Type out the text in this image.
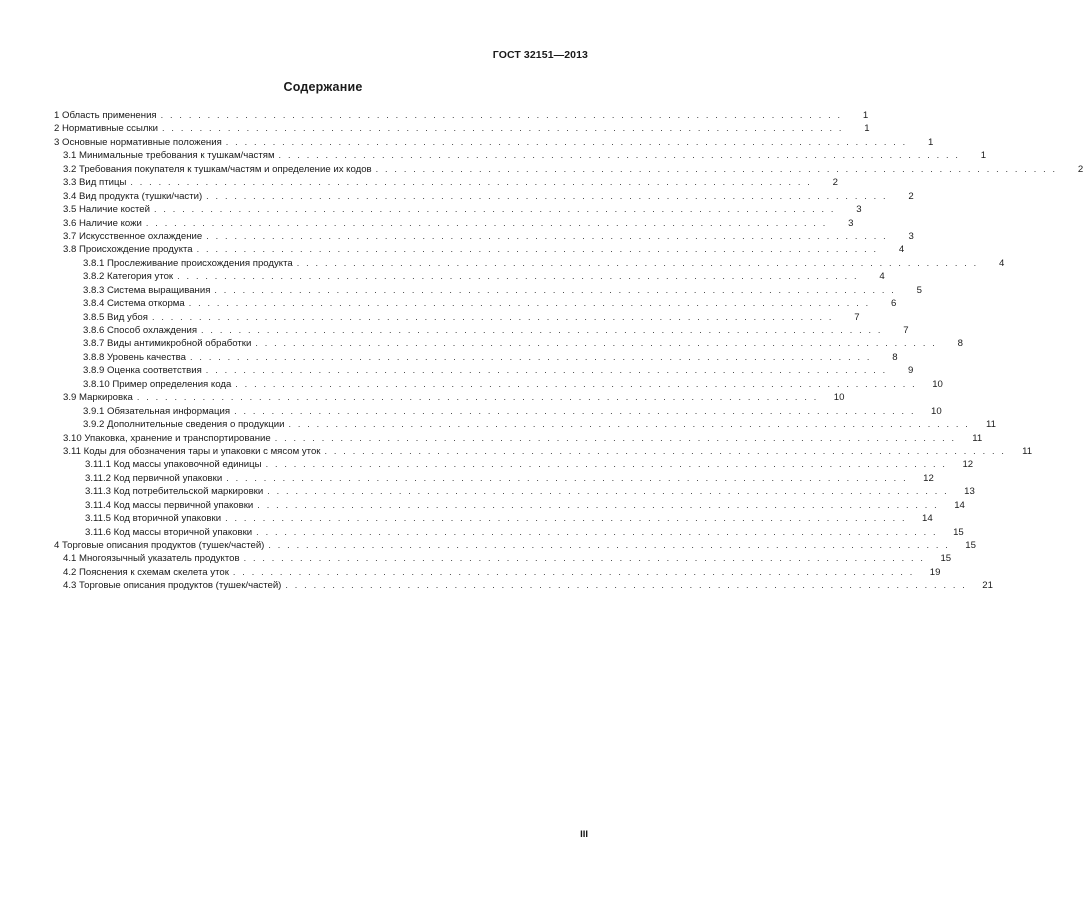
ГОСТ 32151—2013
Содержание
1 Область применения . . . . . . . . . . . . . . . . . . . . . . . . . . . . . . . . . . . . . . . . . . . . . . . . . . . . . . . . . . . . . . . . . . . . . . . . .	1
2 Нормативные ссылки . . . . . . . . . . . . . . . . . . . . . . . . . . . . . . . . . . . . . . . . . . . . . . . . . . . . . . . . . . . . . . . . . . . . . . . . .	1
3 Основные нормативные положения . . . . . . . . . . . . . . . . . . . . . . . . . . . . . . . . . . . . . . . . . . . . . . . . . . . . . . . . . . . . . . . . . . . . . . . . .	1
3.1 Минимальные требования к тушкам/частям . . . . . . . . . . . . . . . . . . . . . . . . . . . . . . . . . . . . . . . . . . . . . . . . . . . . . . . . . . . . . . . . . . . . . . . . .	1
3.2 Требования покупателя к тушкам/частям и определение их кодов . . . . . . . . . . . . . . . . . . . . . . . . . . . . . . . . . . . . . . . . . . . . . . . . . . . . . . . . . . . . . . . . . . . . . . . . .	2
3.3 Вид птицы . . . . . . . . . . . . . . . . . . . . . . . . . . . . . . . . . . . . . . . . . . . . . . . . . . . . . . . . . . . . . . . . . . . . . . . . .	2
3.4 Вид продукта (тушки/части) . . . . . . . . . . . . . . . . . . . . . . . . . . . . . . . . . . . . . . . . . . . . . . . . . . . . . . . . . . . . . . . . . . . . . . . . .	2
3.5 Наличие костей . . . . . . . . . . . . . . . . . . . . . . . . . . . . . . . . . . . . . . . . . . . . . . . . . . . . . . . . . . . . . . . . . . . . . . . . .	3
3.6 Наличие кожи . . . . . . . . . . . . . . . . . . . . . . . . . . . . . . . . . . . . . . . . . . . . . . . . . . . . . . . . . . . . . . . . . . . . . . . . .	3
3.7 Искусственное охлаждение . . . . . . . . . . . . . . . . . . . . . . . . . . . . . . . . . . . . . . . . . . . . . . . . . . . . . . . . . . . . . . . . . . . . . . . . .	3
3.8 Происхождение продукта . . . . . . . . . . . . . . . . . . . . . . . . . . . . . . . . . . . . . . . . . . . . . . . . . . . . . . . . . . . . . . . . . . . . . . . . .	4
3.8.1 Прослеживание происхождения продукта . . . . . . . . . . . . . . . . . . . . . . . . . . . . . . . . . . . . . . . . . . . . . . . . . . . . . . . . . . . . . . . . . . . . . . . . .	4
3.8.2 Категория уток . . . . . . . . . . . . . . . . . . . . . . . . . . . . . . . . . . . . . . . . . . . . . . . . . . . . . . . . . . . . . . . . . . . . . . . . .	4
3.8.3 Система выращивания . . . . . . . . . . . . . . . . . . . . . . . . . . . . . . . . . . . . . . . . . . . . . . . . . . . . . . . . . . . . . . . . . . . . . . . . .	5
3.8.4 Система откорма . . . . . . . . . . . . . . . . . . . . . . . . . . . . . . . . . . . . . . . . . . . . . . . . . . . . . . . . . . . . . . . . . . . . . . . . .	6
3.8.5 Вид убоя . . . . . . . . . . . . . . . . . . . . . . . . . . . . . . . . . . . . . . . . . . . . . . . . . . . . . . . . . . . . . . . . . . . . . . . . .	7
3.8.6 Способ охлаждения . . . . . . . . . . . . . . . . . . . . . . . . . . . . . . . . . . . . . . . . . . . . . . . . . . . . . . . . . . . . . . . . . . . . . . . . .	7
3.8.7 Виды антимикробной обработки . . . . . . . . . . . . . . . . . . . . . . . . . . . . . . . . . . . . . . . . . . . . . . . . . . . . . . . . . . . . . . . . . . . . . . . . .	8
3.8.8 Уровень качества . . . . . . . . . . . . . . . . . . . . . . . . . . . . . . . . . . . . . . . . . . . . . . . . . . . . . . . . . . . . . . . . . . . . . . . . .	8
3.8.9 Оценка соответствия . . . . . . . . . . . . . . . . . . . . . . . . . . . . . . . . . . . . . . . . . . . . . . . . . . . . . . . . . . . . . . . . . . . . . . . . .	9
3.8.10 Пример определения кода . . . . . . . . . . . . . . . . . . . . . . . . . . . . . . . . . . . . . . . . . . . . . . . . . . . . . . . . . . . . . . . . . . . . . . . . .	10
3.9 Маркировка . . . . . . . . . . . . . . . . . . . . . . . . . . . . . . . . . . . . . . . . . . . . . . . . . . . . . . . . . . . . . . . . . . . . . . . . .	10
3.9.1 Обязательная информация . . . . . . . . . . . . . . . . . . . . . . . . . . . . . . . . . . . . . . . . . . . . . . . . . . . . . . . . . . . . . . . . . . . . . . . . .	10
3.9.2 Дополнительные сведения о продукции . . . . . . . . . . . . . . . . . . . . . . . . . . . . . . . . . . . . . . . . . . . . . . . . . . . . . . . . . . . . . . . . . . . . . . . . .	11
3.10 Упаковка, хранение и транспортирование . . . . . . . . . . . . . . . . . . . . . . . . . . . . . . . . . . . . . . . . . . . . . . . . . . . . . . . . . . . . . . . . . . . . . . . . .	11
3.11 Коды для обозначения тары и упаковки с мясом уток . . . . . . . . . . . . . . . . . . . . . . . . . . . . . . . . . . . . . . . . . . . . . . . . . . . . . . . . . . . . . . . . . . . . . . . . .	11
3.11.1 Код массы упаковочной единицы . . . . . . . . . . . . . . . . . . . . . . . . . . . . . . . . . . . . . . . . . . . . . . . . . . . . . . . . . . . . . . . . . . . . . . . . .	12
3.11.2 Код первичной упаковки . . . . . . . . . . . . . . . . . . . . . . . . . . . . . . . . . . . . . . . . . . . . . . . . . . . . . . . . . . . . . . . . . . . . . . . . .	12
3.11.3 Код потребительской маркировки . . . . . . . . . . . . . . . . . . . . . . . . . . . . . . . . . . . . . . . . . . . . . . . . . . . . . . . . . . . . . . . . . . . . . . . . .	13
3.11.4 Код массы первичной упаковки . . . . . . . . . . . . . . . . . . . . . . . . . . . . . . . . . . . . . . . . . . . . . . . . . . . . . . . . . . . . . . . . . . . . . . . . .	14
3.11.5 Код вторичной упаковки . . . . . . . . . . . . . . . . . . . . . . . . . . . . . . . . . . . . . . . . . . . . . . . . . . . . . . . . . . . . . . . . . . . . . . . . .	14
3.11.6 Код массы вторичной упаковки . . . . . . . . . . . . . . . . . . . . . . . . . . . . . . . . . . . . . . . . . . . . . . . . . . . . . . . . . . . . . . . . . . . . . . . . .	15
4 Торговые описания продуктов (тушек/частей) . . . . . . . . . . . . . . . . . . . . . . . . . . . . . . . . . . . . . . . . . . . . . . . . . . . . . . . . . . . . . . . . . . . . . . . . .	15
4.1 Многоязычный указатель продуктов . . . . . . . . . . . . . . . . . . . . . . . . . . . . . . . . . . . . . . . . . . . . . . . . . . . . . . . . . . . . . . . . . . . . . . . . .	15
4.2 Пояснения к схемам скелета уток . . . . . . . . . . . . . . . . . . . . . . . . . . . . . . . . . . . . . . . . . . . . . . . . . . . . . . . . . . . . . . . . . . . . . . . . .	19
4.3 Торговые описания продуктов (тушек/частей) . . . . . . . . . . . . . . . . . . . . . . . . . . . . . . . . . . . . . . . . . . . . . . . . . . . . . . . . . . . . . . . . . . . . . . . . .	21
III
